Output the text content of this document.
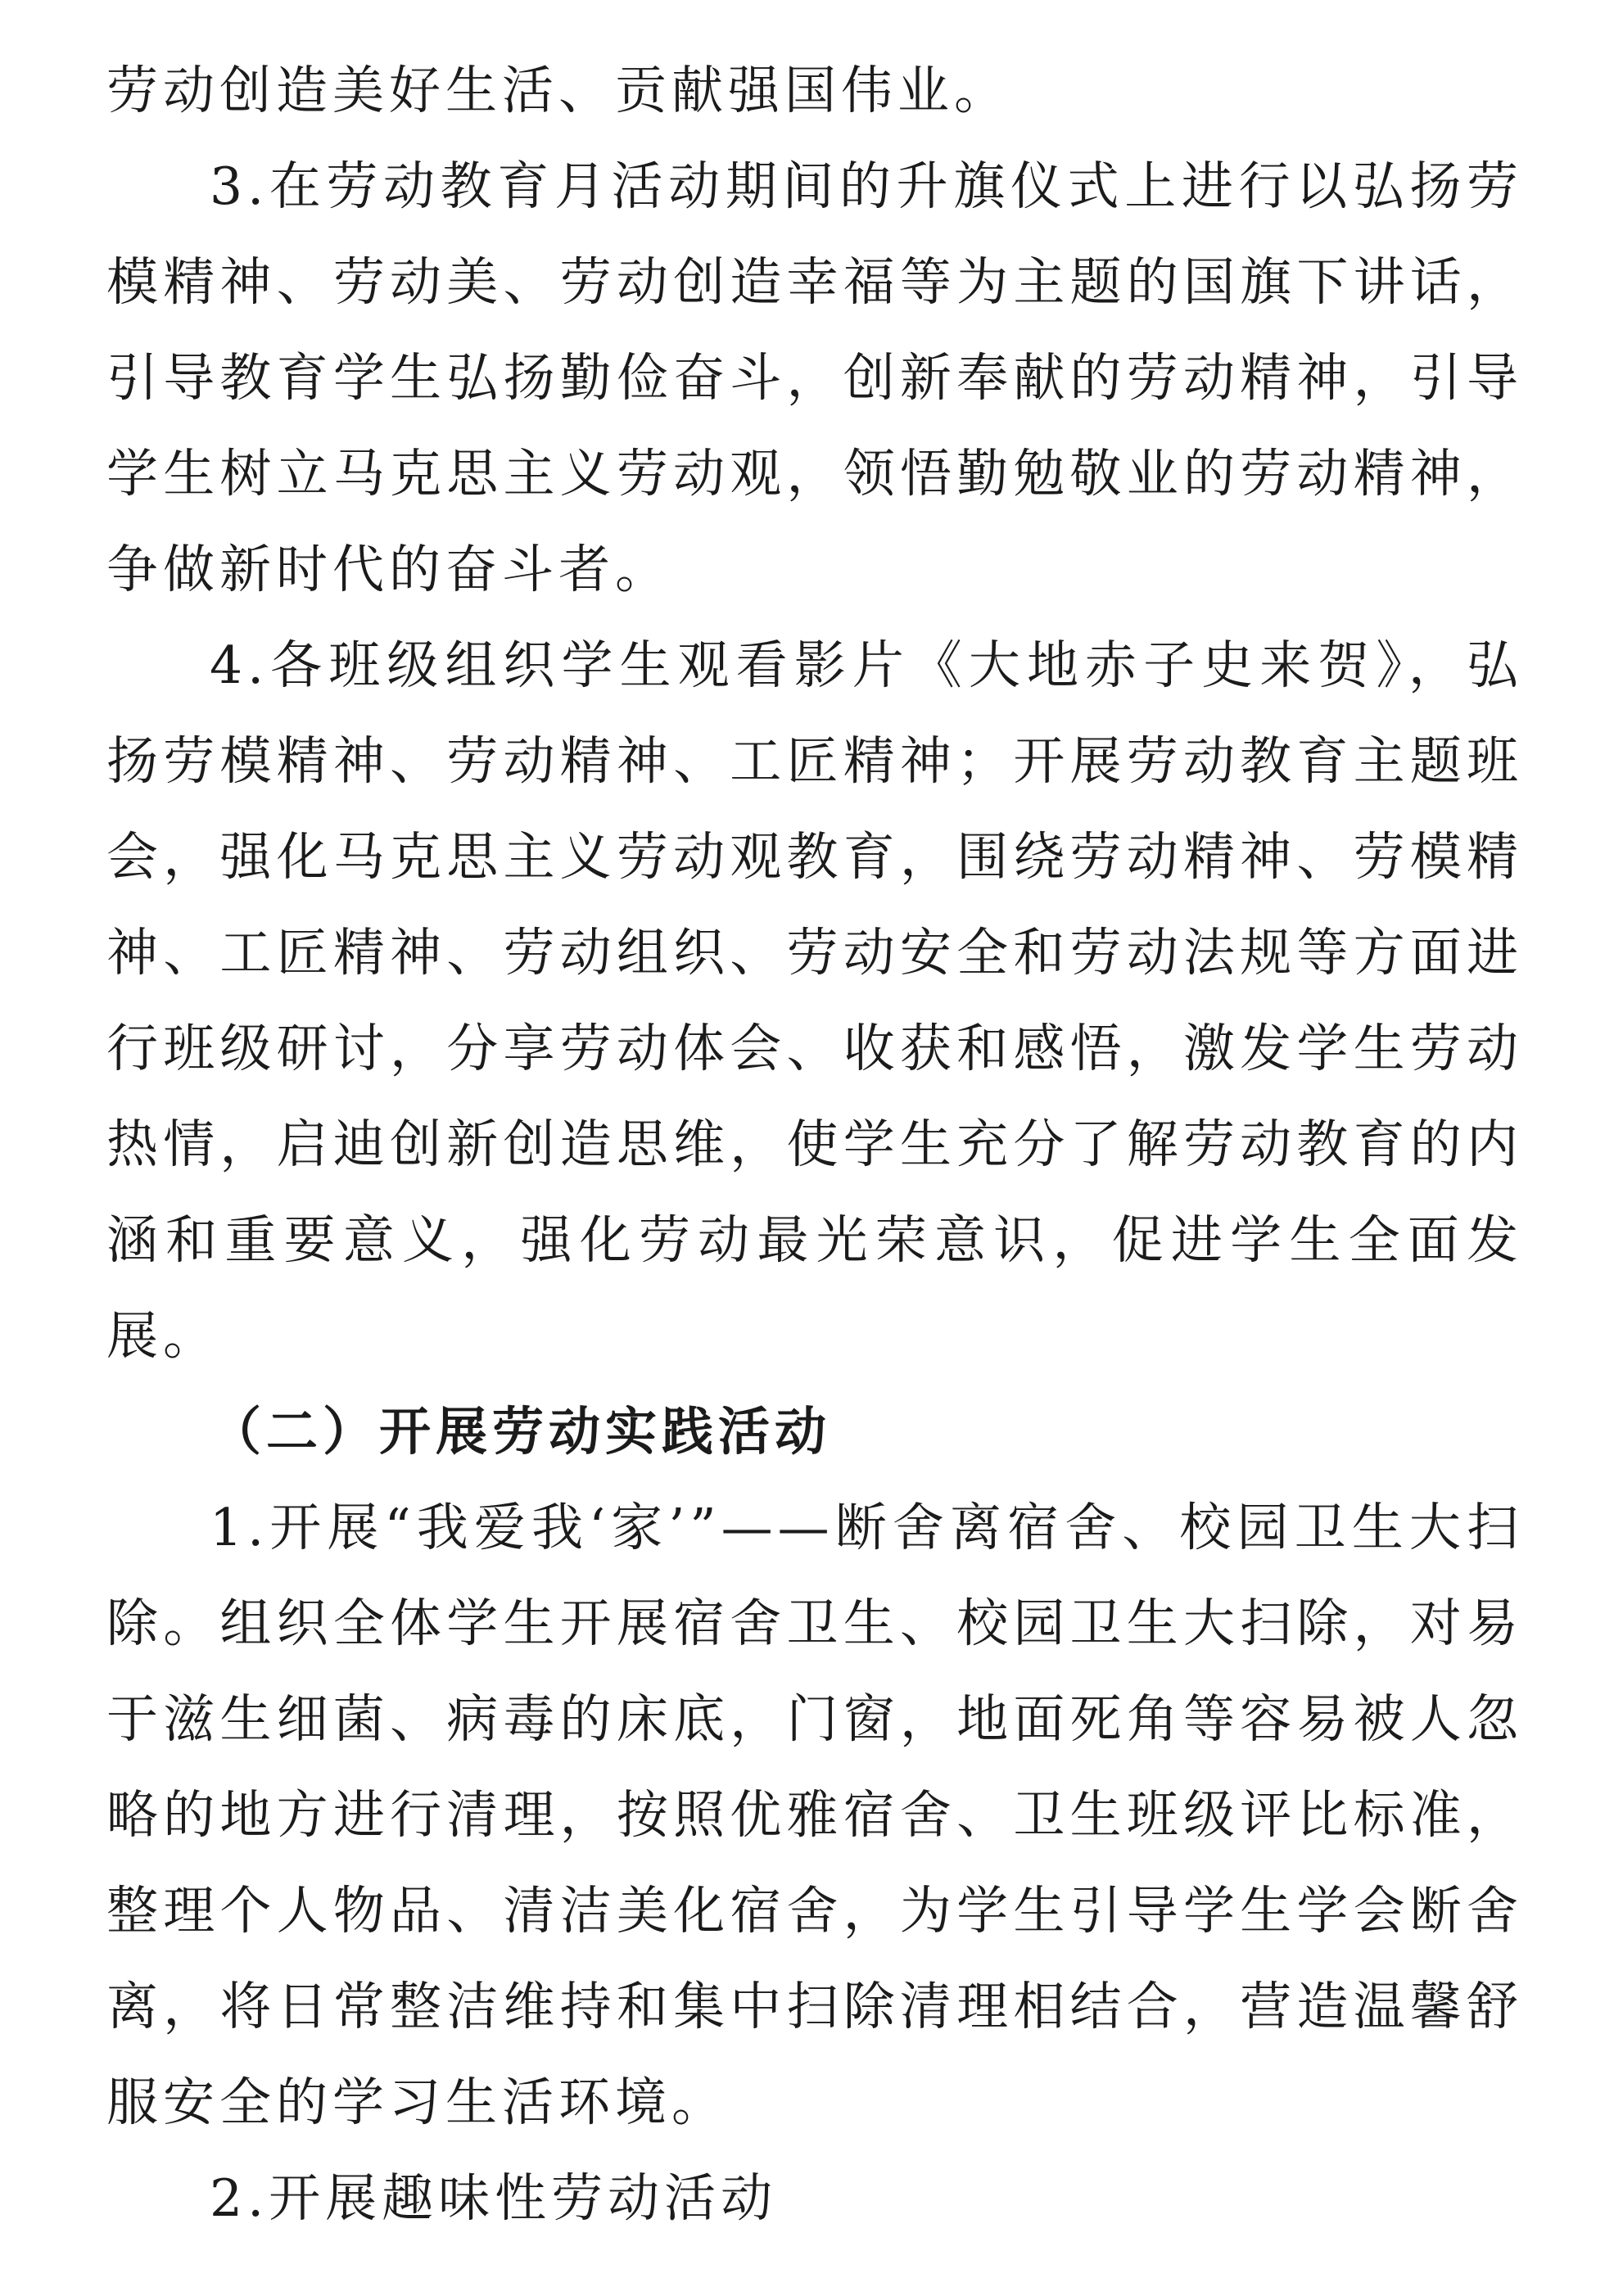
劳动创造美好生活、贡献强国伟业。

3.在劳动教育月活动期间的升旗仪式上进行以弘扬劳模精神、劳动美、劳动创造幸福等为主题的国旗下讲话，引导教育学生弘扬勤俭奋斗，创新奉献的劳动精神，引导学生树立马克思主义劳动观，领悟勤勉敬业的劳动精神，争做新时代的奋斗者。

4.各班级组织学生观看影片《大地赤子史来贺》，弘扬劳模精神、劳动精神、工匠精神；开展劳动教育主题班会，强化马克思主义劳动观教育，围绕劳动精神、劳模精神、工匠精神、劳动组织、劳动安全和劳动法规等方面进行班级研讨，分享劳动体会、收获和感悟，激发学生劳动热情，启迪创新创造思维，使学生充分了解劳动教育的内涵和重要意义，强化劳动最光荣意识，促进学生全面发展。

（二）开展劳动实践活动

1.开展“我爱我‘家’”——断舍离宿舍、校园卫生大扫除。组织全体学生开展宿舍卫生、校园卫生大扫除，对易于滋生细菌、病毒的床底，门窗，地面死角等容易被人忽略的地方进行清理，按照优雅宿舍、卫生班级评比标准，整理个人物品、清洁美化宿舍，为学生引导学生学会断舍离，将日常整洁维持和集中扫除清理相结合，营造温馨舒服安全的学习生活环境。

2.开展趣味性劳动活动
